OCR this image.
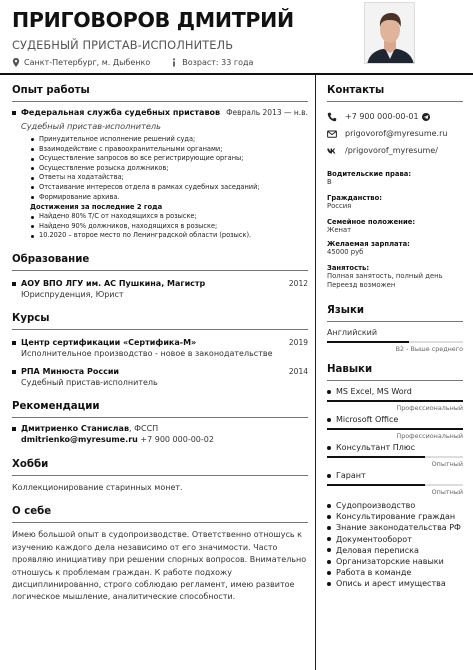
ПРИГОВОРОВ ДМИТРИЙ
СУДЕБНЫЙ ПРИСТАВ-ИСПОЛНИТЕЛЬ
Санкт-Петербург, м. Дыбенко	Возраст: 33 года
Опыт работы
Федеральная служба судебных приставов Февраль 2013 — н.в.
Судебный пристав-исполнитель
Принудительное исполнение решений суда;
Взаимодействие с правоохранительными органами;
Осуществление запросов во все регистрирующие органы;
Осуществление розыска должников;
Ответы на ходатайства;
Отстаивание интересов отдела в рамках судебных заседаний;
Формирование архива.
Достижения за последние 2 года
Найдено 80% Т/С от находящихся в розыске;
Найдено 90% должников, находящихся в розыске;
10.2020 – второе место по Ленинградской области (розыск).
Образование
АОУ ВПО ЛГУ им. АС Пушкина, Магистр	2012
Юриспруденция, Юрист
Курсы
Центр сертификации «Сертифика-М»	2019
Исполнительное производство - новое в законодательстве
РПА Минюста России	2014
Судебный пристав-исполнитель
Рекомендации
Дмитриенко Станислав, ФССП
dmitrienko@myresume.ru +7 900 000-00-02
Хобби
Коллекционирование старинных монет.
О себе
Имею большой опыт в судопроизводстве. Ответственно отношусь к изучению каждого дела независимо от его значимости. Часто проявляю инициативу при решении спорных вопросов. Внимательно отношусь к проблемам граждан. К работе подхожу дисциплинированно, строго соблюдаю регламент, имею развитое логическое мышление, аналитические способности.
Контакты
+7 900 000-00-01
prigovorof@myresume.ru
/prigovorof_myresume/
Водительские права:
B
Гражданство:
Россия
Семейное положение:
Женат
Желаемая зарплата:
45000 руб
Занятость:
Полная занятость, полный день
Переезд возможен
Языки
Английский
B2 - Выше среднего
Навыки
MS Excel, MS Word
Профессиональный
Microsoft Office
Профессиональный
Консультант Плюс
Опытный
Гарант
Опытный
Судопроизводство
Консультирование граждан
Знание законодательства РФ
Документооборот
Деловая переписка
Организаторские навыки
Работа в команде
Опись и арест имущества
